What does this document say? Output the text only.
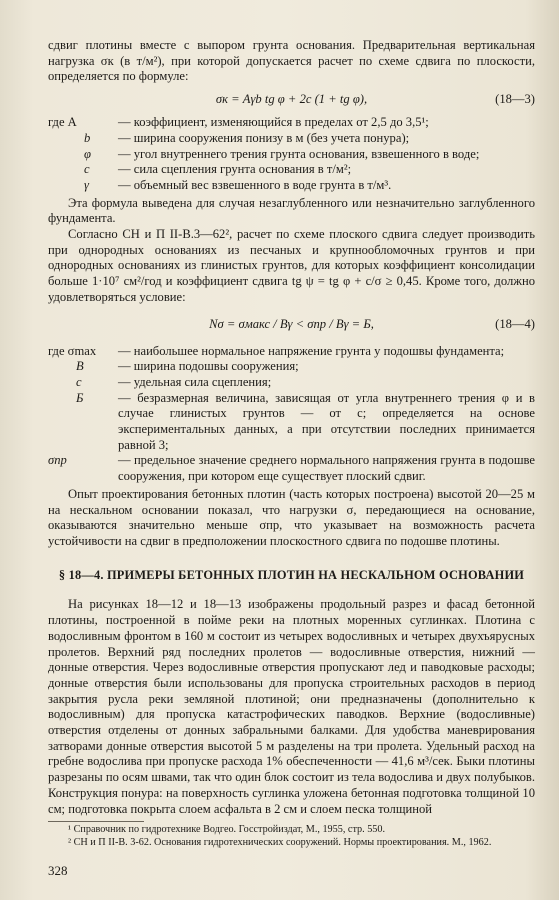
сдвиг плотины вместе с выпором грунта основания. Предварительная вертикальная нагрузка σк (в т/м²), при которой допускается расчет по схеме сдвига по плоскости, определяется по формуле:

σк = Aγb tg φ + 2c (1 + tg φ),	(18—3)
где A	— коэффициент, изменяющийся в пределах от 2,5 до 3,5¹;
b	— ширина сооружения понизу в м (без учета понура);
φ	— угол внутреннего трения грунта основания, взвешенного в воде;
c	— сила сцепления грунта основания в т/м²;
γ	— объемный вес взвешенного в воде грунта в т/м³.

Эта формула выведена для случая незаглубленного или незначительно заглубленного фундамента.

Согласно СН и П II-В.3—62², расчет по схеме плоского сдвига следует производить при однородных основаниях из песчаных и крупнообломочных грунтов и при однородных основаниях из глинистых грунтов, для которых коэффициент консолидации больше 1·10⁷ см²/год и коэффициент сдвига tg ψ = tg φ + c/σ ≥ 0,45. Кроме того, должно удовлетворяться условие:

Nσ = σмакс / Bγ < σпр / Bγ = Б,	(18—4)
где σmax	— наибольшее нормальное напряжение грунта у подошвы фундамента;
B	— ширина подошвы сооружения;
c	— удельная сила сцепления;
Б	— безразмерная величина, зависящая от угла внутреннего трения φ и в случае глинистых грунтов — от c; определяется на основе экспериментальных данных, а при отсутствии последних принимается равной 3;
σпр	— предельное значение среднего нормального напряжения грунта в подошве сооружения, при котором еще существует плоский сдвиг.

Опыт проектирования бетонных плотин (часть которых построена) высотой 20—25 м на нескальном основании показал, что нагрузки σ, передающиеся на основание, оказываются значительно меньше σпр, что указывает на возможность расчета устойчивости на сдвиг в предположении плоскостного сдвига по подошве плотины.

§ 18—4. ПРИМЕРЫ БЕТОННЫХ ПЛОТИН НА НЕСКАЛЬНОМ ОСНОВАНИИ

На рисунках 18—12 и 18—13 изображены продольный разрез и фасад бетонной плотины, построенной в пойме реки на плотных моренных суглинках. Плотина с водосливным фронтом в 160 м состоит из четырех водосливных и четырех двухъярусных пролетов. Верхний ряд последних пролетов — водосливные отверстия, нижний — донные отверстия. Через водосливные отверстия пропускают лед и паводковые расходы; донные отверстия были использованы для пропуска строительных расходов в период закрытия русла реки земляной плотиной; они предназначены (дополнительно к водосливным) для пропуска катастрофических паводков. Верхние (водосливные) отверстия отделены от донных забральными балками. Для удобства маневрирования затворами донные отверстия высотой 5 м разделены на три пролета. Удельный расход на гребне водослива при пропуске расхода 1% обеспеченности — 41,6 м³/сек. Быки плотины разрезаны по осям швами, так что один блок состоит из тела водослива и двух полубыков. Конструкция понура: на поверхность суглинка уложена бетонная подготовка толщиной 10 см; подготовка покрыта слоем асфальта в 2 см и слоем песка толщиной

¹ Справочник по гидротехнике Водгео. Госстройиздат, М., 1955, стр. 550.

² СН и П II-В. 3-62. Основания гидротехнических сооружений. Нормы проектирования. М., 1962.

328
